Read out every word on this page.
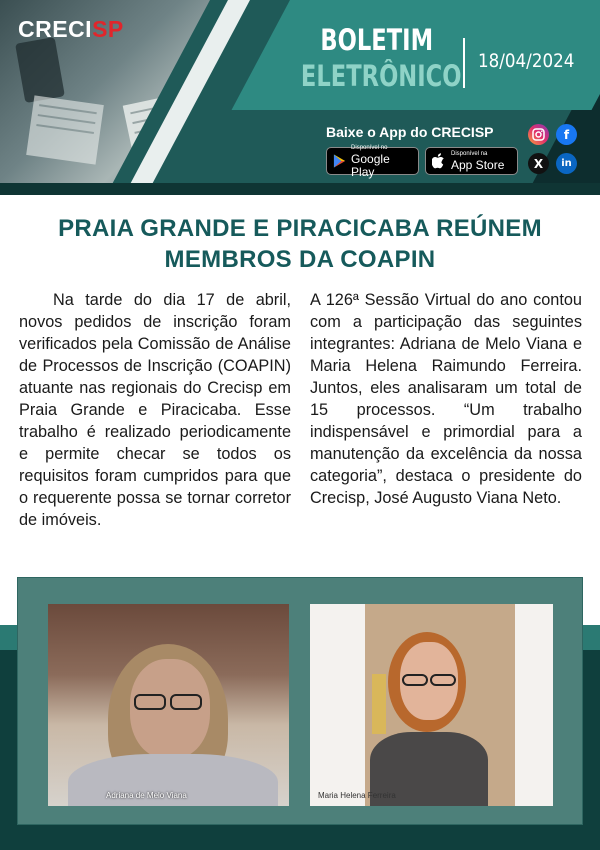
CRECISP	BOLETIM
ELETRÔNICO 18/04/2024
Baixe o App do CRECISP
Disponível no
Google Play
Disponível na
App Store
f
X	in
PRAIA GRANDE E PIRACICABA REÚNEM MEMBROS DA COAPIN
Na tarde do dia 17 de abril, novos pedidos de inscrição foram verificados pela Comissão de Análise de Processos de Inscrição (COAPIN) atuante nas regionais do Crecisp em Praia Grande e Piracicaba. Esse trabalho é realizado periodicamente e permite checar se todos os requisitos foram cumpridos para que o requerente possa se tornar corretor de imóveis.
A 126ª Sessão Virtual do ano contou com a participação das seguintes integrantes: Adriana de Melo Viana e Maria Helena Raimundo Ferreira. Juntos, eles analisaram um total de 15 processos. “Um trabalho indispensável e primordial para a manutenção da excelência da nossa categoria”, destaca o presidente do Crecisp, José Augusto Viana Neto.
Adriana de Melo Viana	Maria Helena Ferreira
